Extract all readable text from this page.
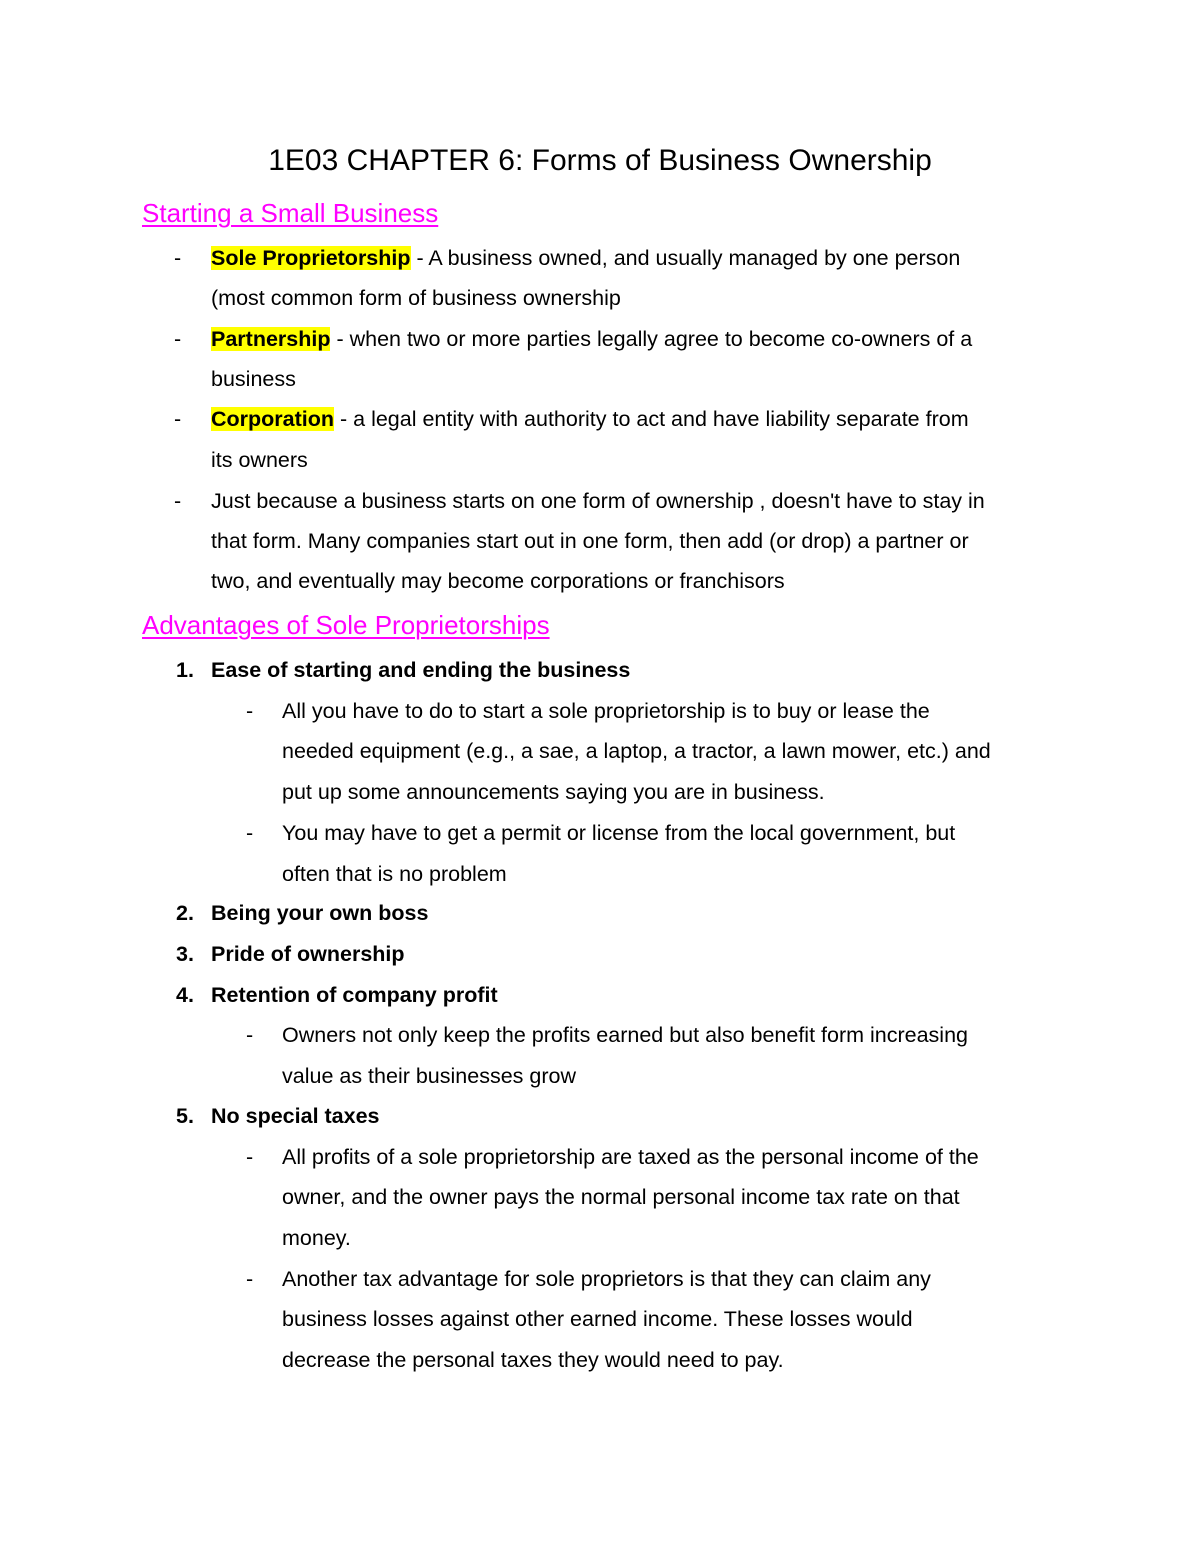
1E03 CHAPTER 6: Forms of Business Ownership
Starting a Small Business
- Sole Proprietorship - A business owned, and usually managed by one person
(most common form of business ownership
- Partnership - when two or more parties legally agree to become co-owners of a
business
- Corporation - a legal entity with authority to act and have liability separate from
its owners
- Just because a business starts on one form of ownership , doesn't have to stay in
that form. Many companies start out in one form, then add (or drop) a partner or
two, and eventually may become corporations or franchisors
Advantages of Sole Proprietorships
1. Ease of starting and ending the business
- All you have to do to start a sole proprietorship is to buy or lease the
needed equipment (e.g., a sae, a laptop, a tractor, a lawn mower, etc.) and
put up some announcements saying you are in business.
- You may have to get a permit or license from the local government, but
often that is no problem
2. Being your own boss
3. Pride of ownership
4. Retention of company profit
- Owners not only keep the profits earned but also benefit form increasing
value as their businesses grow
5. No special taxes
- All profits of a sole proprietorship are taxed as the personal income of the
owner, and the owner pays the normal personal income tax rate on that
money.
- Another tax advantage for sole proprietors is that they can claim any
business losses against other earned income. These losses would
decrease the personal taxes they would need to pay.
